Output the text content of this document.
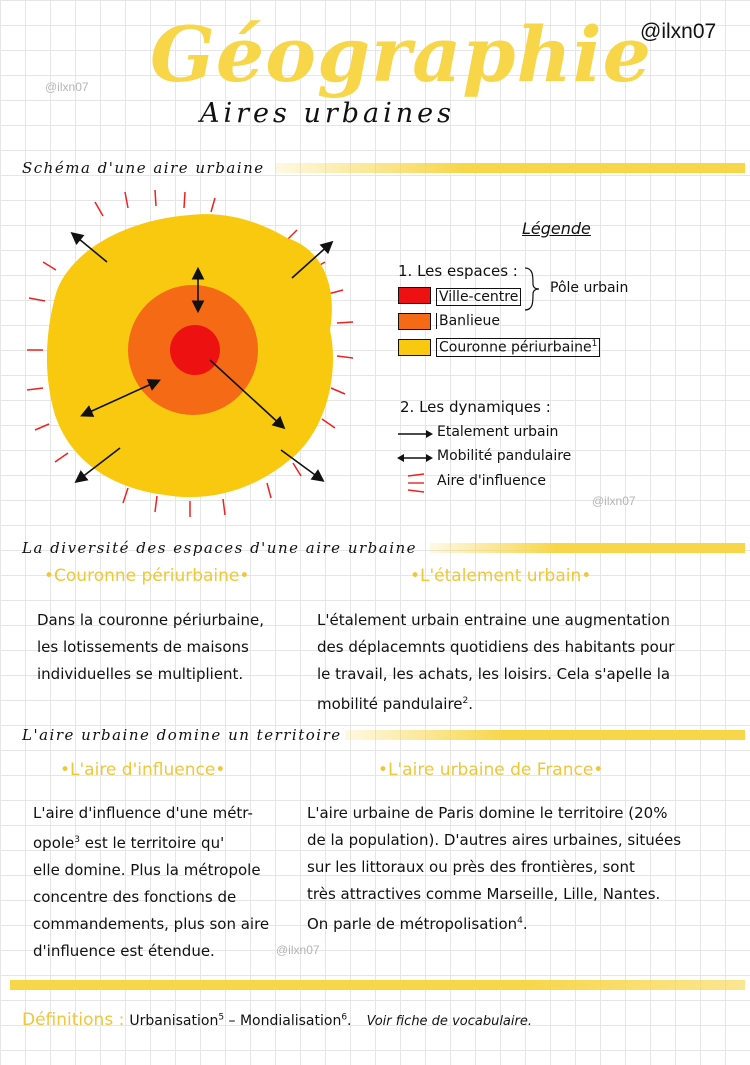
Géographie
Aires urbaines
@ilxn07
@ilxn07
Schéma d'une aire urbaine
Légende
1. Les espaces :
Pôle urbain
Ville-centre
Banlieue
Couronne périurbaine$^1$
2. Les dynamiques :
Etalement urbain
Mobilité pandulaire
Aire d'influence
@ilxn07
La diversité des espaces d'une aire urbaine
•Couronne périurbaine•	•L'étalement urbain•
Dans la couronne périurbaine,
les lotissements de maisons
individuelles se multiplient.
L'étalement urbain entraine une augmentation
des déplacemnts quotidiens des habitants pour
le travail, les achats, les loisirs. Cela s'apelle la
mobilité pandulaire$^2$.
L'aire urbaine domine un territoire
•L'aire d'influence•	•L'aire urbaine de France•
L'aire d'influence d'une métr-
opole$^3$ est le territoire qu'
elle domine. Plus la métropole
concentre des fonctions de
commandements, plus son aire
d'influence est étendue.	@ilxn07
L'aire urbaine de Paris domine le territoire (20%
de la population). D'autres aires urbaines, situées
sur les littoraux ou près des frontières, sont
très attractives comme Marseille, Lille, Nantes.
On parle de métropolisation$^4$.
Définitions : Urbanisation$^5$ – Mondialisation$^6$. Voir fiche de vocabulaire.
